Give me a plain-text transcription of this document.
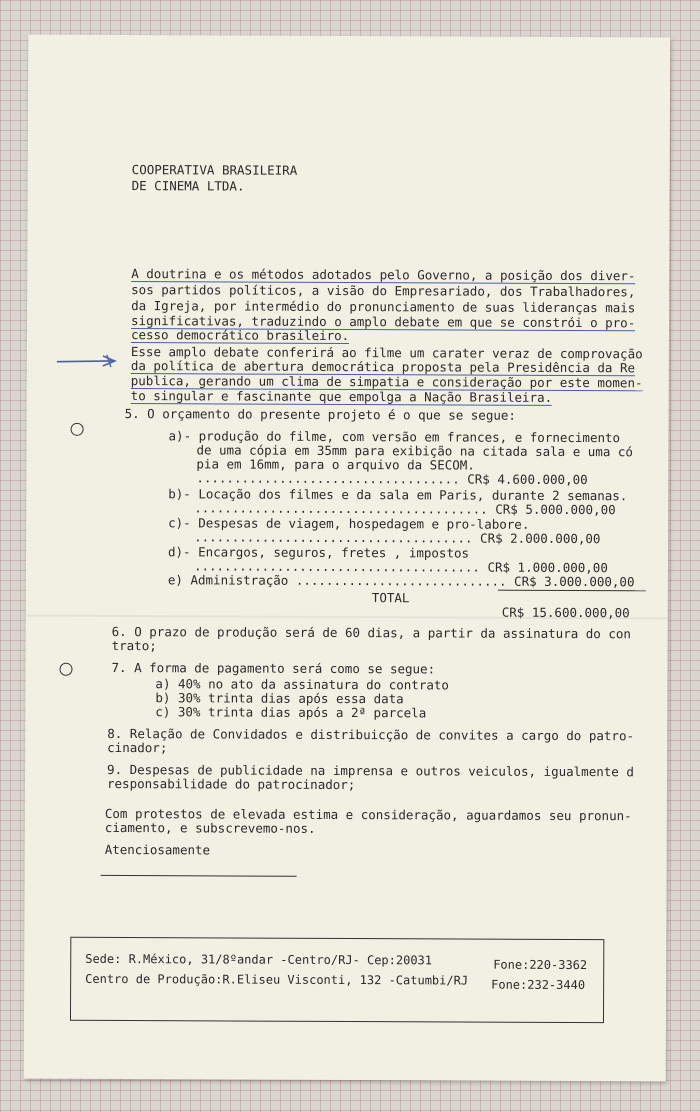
COOPERATIVA BRASILEIRA
DE CINEMA LTDA.
A doutrina e os métodos adotados pelo Governo, a posição dos diver-
sos partidos políticos, a visão do Empresariado, dos Trabalhadores,
da Igreja, por intermédio do pronunciamento de suas lideranças mais
significativas, traduzindo o amplo debate em que se constrói o pro-
cesso democrático brasileiro.
Esse amplo debate conferirá ao filme um carater veraz de comprovação
da política de abertura democrática proposta pela Presidência da Re
publica, gerando um clima de simpatia e consideração por este momen-
to singular e fascinante que empolga a Nação Brasileira.
5. O orçamento do presente projeto é o que se segue:
a)- produção do filme, com versão em frances, e fornecimento
de uma cópia em 35mm para exibição na citada sala e uma có
pia em 16mm, para o arquivo da SECOM.
................................... CR$ 4.600.000,00
b)- Locação dos filmes e da sala em Paris, durante 2 semanas.
....................................... CR$ 5.000.000,00
c)- Despesas de viagem, hospedagem e pro-labore.
..................................... CR$ 2.000.000,00
d)- Encargos, seguros, fretes , impostos
...................................... CR$ 1.000.000,00
e) Administração ............................ CR$ 3.000.000,00
TOTAL
CR$ 15.600.000,00
6. O prazo de produção será de 60 dias, a partir da assinatura do con
trato;
7. A forma de pagamento será como se segue:
a) 40% no ato da assinatura do contrato
b) 30% trinta dias após essa data
c) 30% trinta dias após a 2ª parcela
8. Relação de Convidados e distribuicção de convites a cargo do patro-
cinador;
9. Despesas de publicidade na imprensa e outros veiculos, igualmente d
responsabilidade do patrocinador;
Com protestos de elevada estima e consideração, aguardamos seu pronun-
ciamento, e subscrevemo-nos.
Atenciosamente
Sede: R.México, 31/8ºandar -Centro/RJ- Cep:20031	Fone:220-3362
Centro de Produção:R.Eliseu Visconti, 132 -Catumbi/RJ Fone:232-3440
